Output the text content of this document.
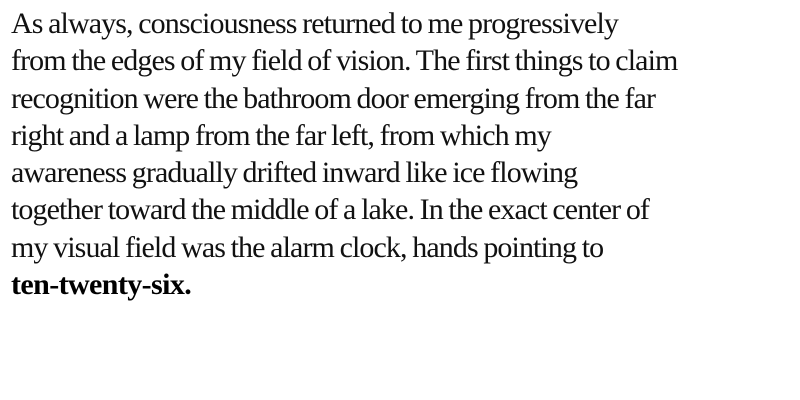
As always, consciousness returned to me progressively
from the edges of my field of vision. The first things to claim
recognition were the bathroom door emerging from the far
right and a lamp from the far left, from which my
awareness gradually drifted inward like ice flowing
together toward the middle of a lake. In the exact center of
my visual field was the alarm clock, hands pointing to
ten-twenty-six.
